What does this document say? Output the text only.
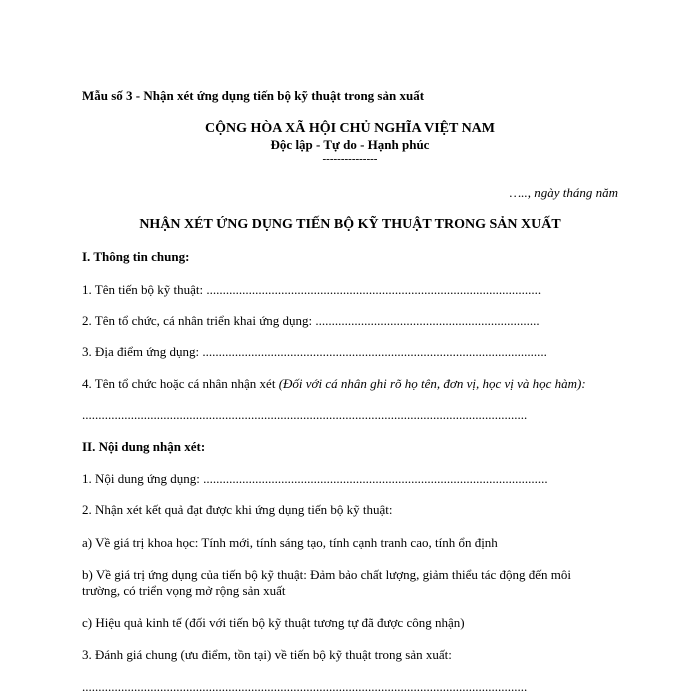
Mẫu số 3 - Nhận xét ứng dụng tiến bộ kỹ thuật trong sản xuất
CỘNG HÒA XÃ HỘI CHỦ NGHĨA VIỆT NAM
Độc lập - Tự do - Hạnh phúc
---------------
….., ngày tháng năm
NHẬN XÉT ỨNG DỤNG TIẾN BỘ KỸ THUẬT TRONG SẢN XUẤT
I. Thông tin chung:
1. Tên tiến bộ kỹ thuật: .......................................................................................................
2. Tên tổ chức, cá nhân triển khai ứng dụng: .....................................................................
3. Địa điểm ứng dụng: ..........................................................................................................
4. Tên tổ chức hoặc cá nhân nhận xét (Đối với cá nhân ghi rõ họ tên, đơn vị, học vị và học hàm):
.........................................................................................................................................
II. Nội dung nhận xét:
1. Nội dung ứng dụng: ..........................................................................................................
2. Nhận xét kết quả đạt được khi ứng dụng tiến bộ kỹ thuật:
a) Về giá trị khoa học: Tính mới, tính sáng tạo, tính cạnh tranh cao, tính ổn định
b) Về giá trị ứng dụng của tiến bộ kỹ thuật: Đảm bảo chất lượng, giảm thiểu tác động đến môi
trường, có triển vọng mở rộng sản xuất
c) Hiệu quả kinh tế (đối với tiến bộ kỹ thuật tương tự đã được công nhận)
3. Đánh giá chung (ưu điểm, tồn tại) về tiến bộ kỹ thuật trong sản xuất:
.........................................................................................................................................
